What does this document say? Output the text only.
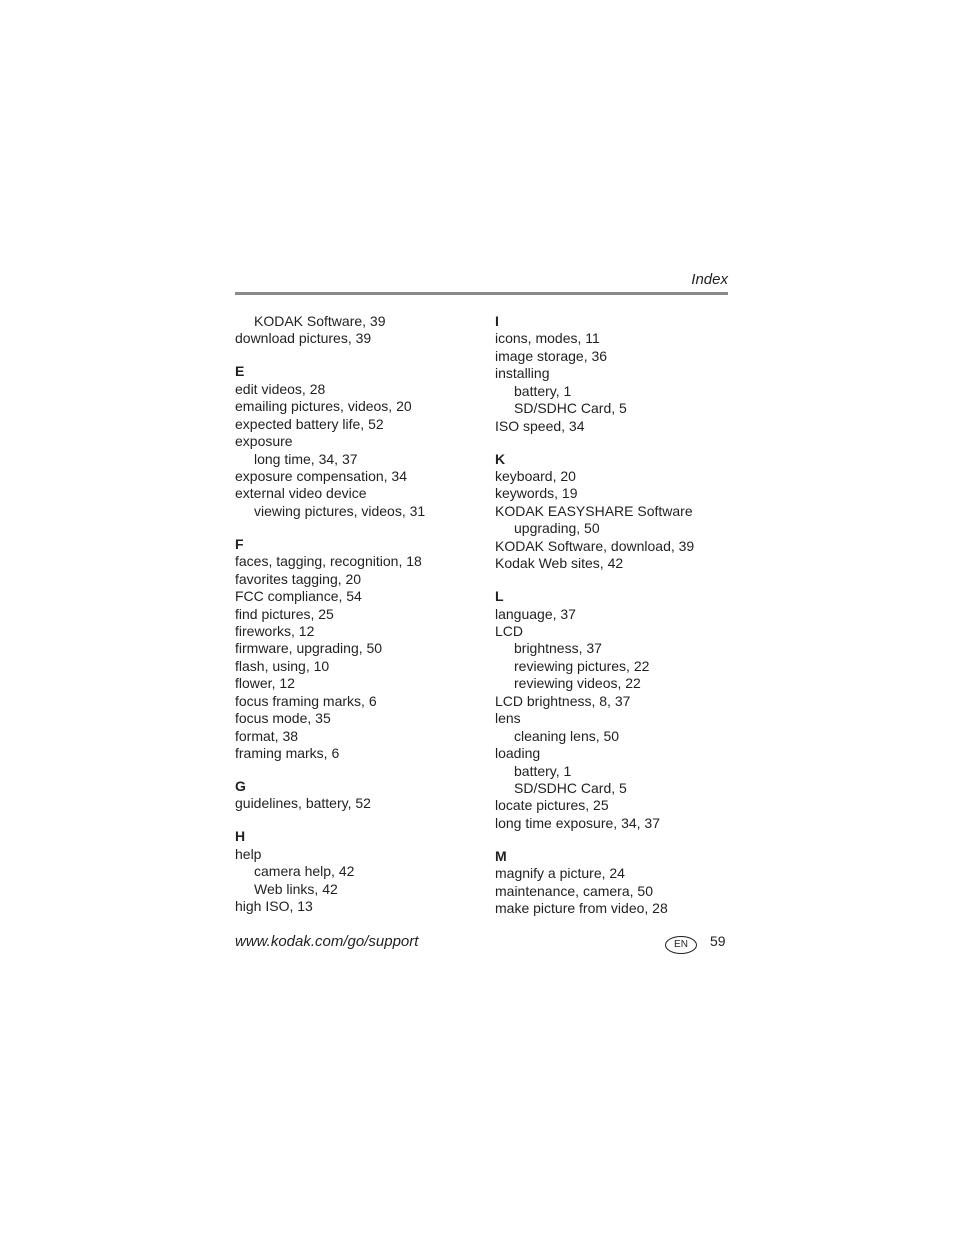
Index
KODAK Software, 39
download pictures, 39
E
edit videos, 28
emailing pictures, videos, 20
expected battery life, 52
exposure
long time, 34, 37
exposure compensation, 34
external video device
viewing pictures, videos, 31
F
faces, tagging, recognition, 18
favorites tagging, 20
FCC compliance, 54
find pictures, 25
fireworks, 12
firmware, upgrading, 50
flash, using, 10
flower, 12
focus framing marks, 6
focus mode, 35
format, 38
framing marks, 6
G
guidelines, battery, 52
H
help
camera help, 42
Web links, 42
high ISO, 13
I
icons, modes, 11
image storage, 36
installing
battery, 1
SD/SDHC Card, 5
ISO speed, 34
K
keyboard, 20
keywords, 19
KODAK EASYSHARE Software
upgrading, 50
KODAK Software, download, 39
Kodak Web sites, 42
L
language, 37
LCD
brightness, 37
reviewing pictures, 22
reviewing videos, 22
LCD brightness, 8, 37
lens
cleaning lens, 50
loading
battery, 1
SD/SDHC Card, 5
locate pictures, 25
long time exposure, 34, 37
M
magnify a picture, 24
maintenance, camera, 50
make picture from video, 28
www.kodak.com/go/support	EN	59
